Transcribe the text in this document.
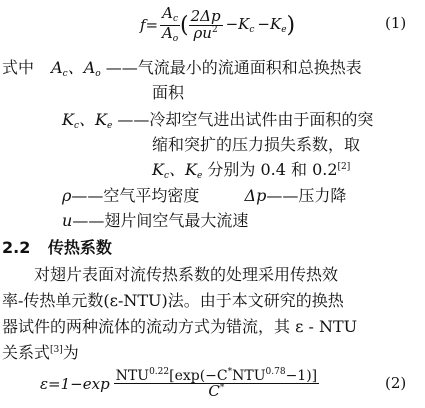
$f= \frac{A_c}{A_o}$ ( $\frac{2\Delta p}{\rho u^2} -K_c -K_e$ )	(1)
式中 $A_c$、$A_o$ ——气流最小的流通面积和总换热表
面积
$K_c$、$K_e$ ——冷却空气进出试件由于面积的突
缩和突扩的压力损失系数，取
$K_c$、$K_e$ 分别为 0.4 和 0.2[2]
ρ——空气平均密度	Δp——压力降
u——翅片间空气最大流速
2.2 传热系数
对翅片表面对流传热系数的处理采用传热效
率-传热单元数(ε-NTU)法。由于本文研究的换热
器试件的两种流体的流动方式为错流，其 ε - NTU
关系式[3]为
$\varepsilon=1-\exp \frac{NTU^{0.22}[\exp(-C^*NTU^{0.78}-1)]}{C^*}$	(2)
